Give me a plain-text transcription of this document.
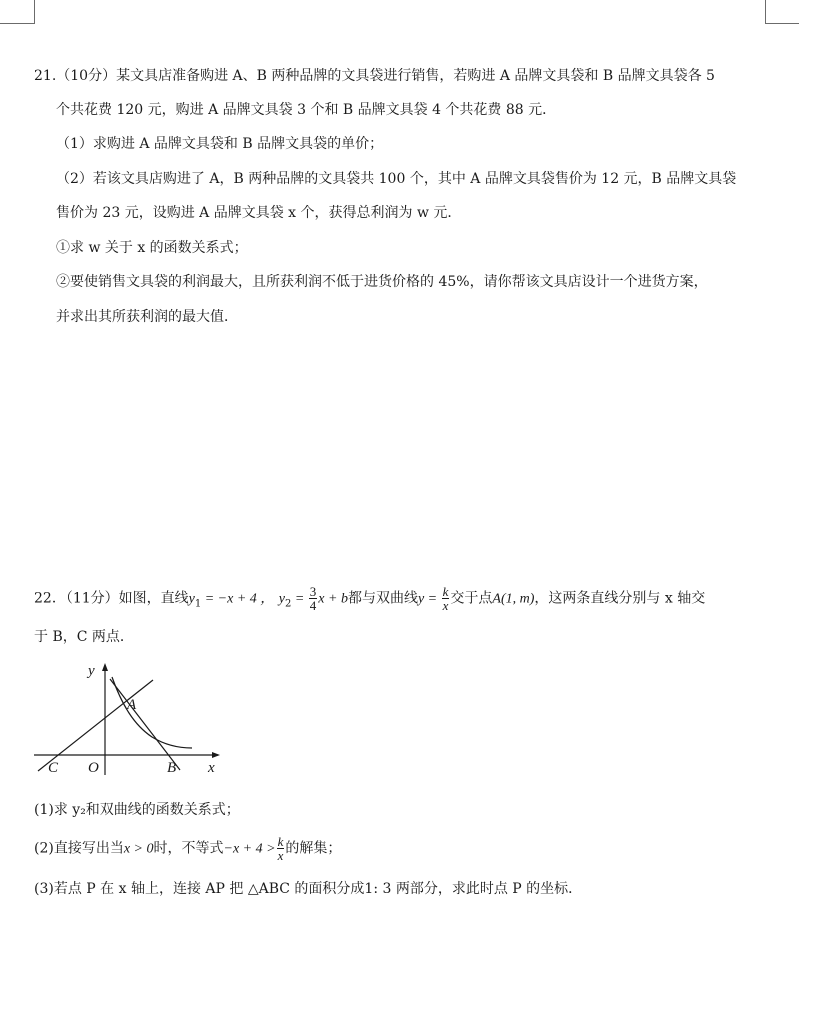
21.（10分）某文具店准备购进 A、B 两种品牌的文具袋进行销售，若购进 A 品牌文具袋和 B 品牌文具袋各 5
个共花费 120 元，购进 A 品牌文具袋 3 个和 B 品牌文具袋 4 个共花费 88 元．
（1）求购进 A 品牌文具袋和 B 品牌文具袋的单价；
（2）若该文具店购进了 A，B 两种品牌的文具袋共 100 个，其中 A 品牌文具袋售价为 12 元，B 品牌文具袋
售价为 23 元，设购进 A 品牌文具袋 x 个，获得总利润为 w 元．
①求 w 关于 x 的函数关系式；
②要使销售文具袋的利润最大，且所获利润不低于进货价格的 45%，请你帮该文具店设计一个进货方案，
并求出其所获利润的最大值．
22．（11分）如图，直线$y_1 = -x + 4$ ， $y_2 = \frac{3}{4}$ x + b都与双曲线$y = \frac{k}{x}$ 交于点A(1, m)，这两条直线分别与 x 轴交
于 B，C 两点．
y
x
A
B
C O
(1)求 y₂和双曲线的函数关系式；
(2)直接写出当x > 0时，不等式$-x + 4 > \frac{k}{x}$ 的解集；
(3)若点 P 在 x 轴上，连接 AP 把 △ABC 的面积分成1: 3 两部分，求此时点 P 的坐标．
